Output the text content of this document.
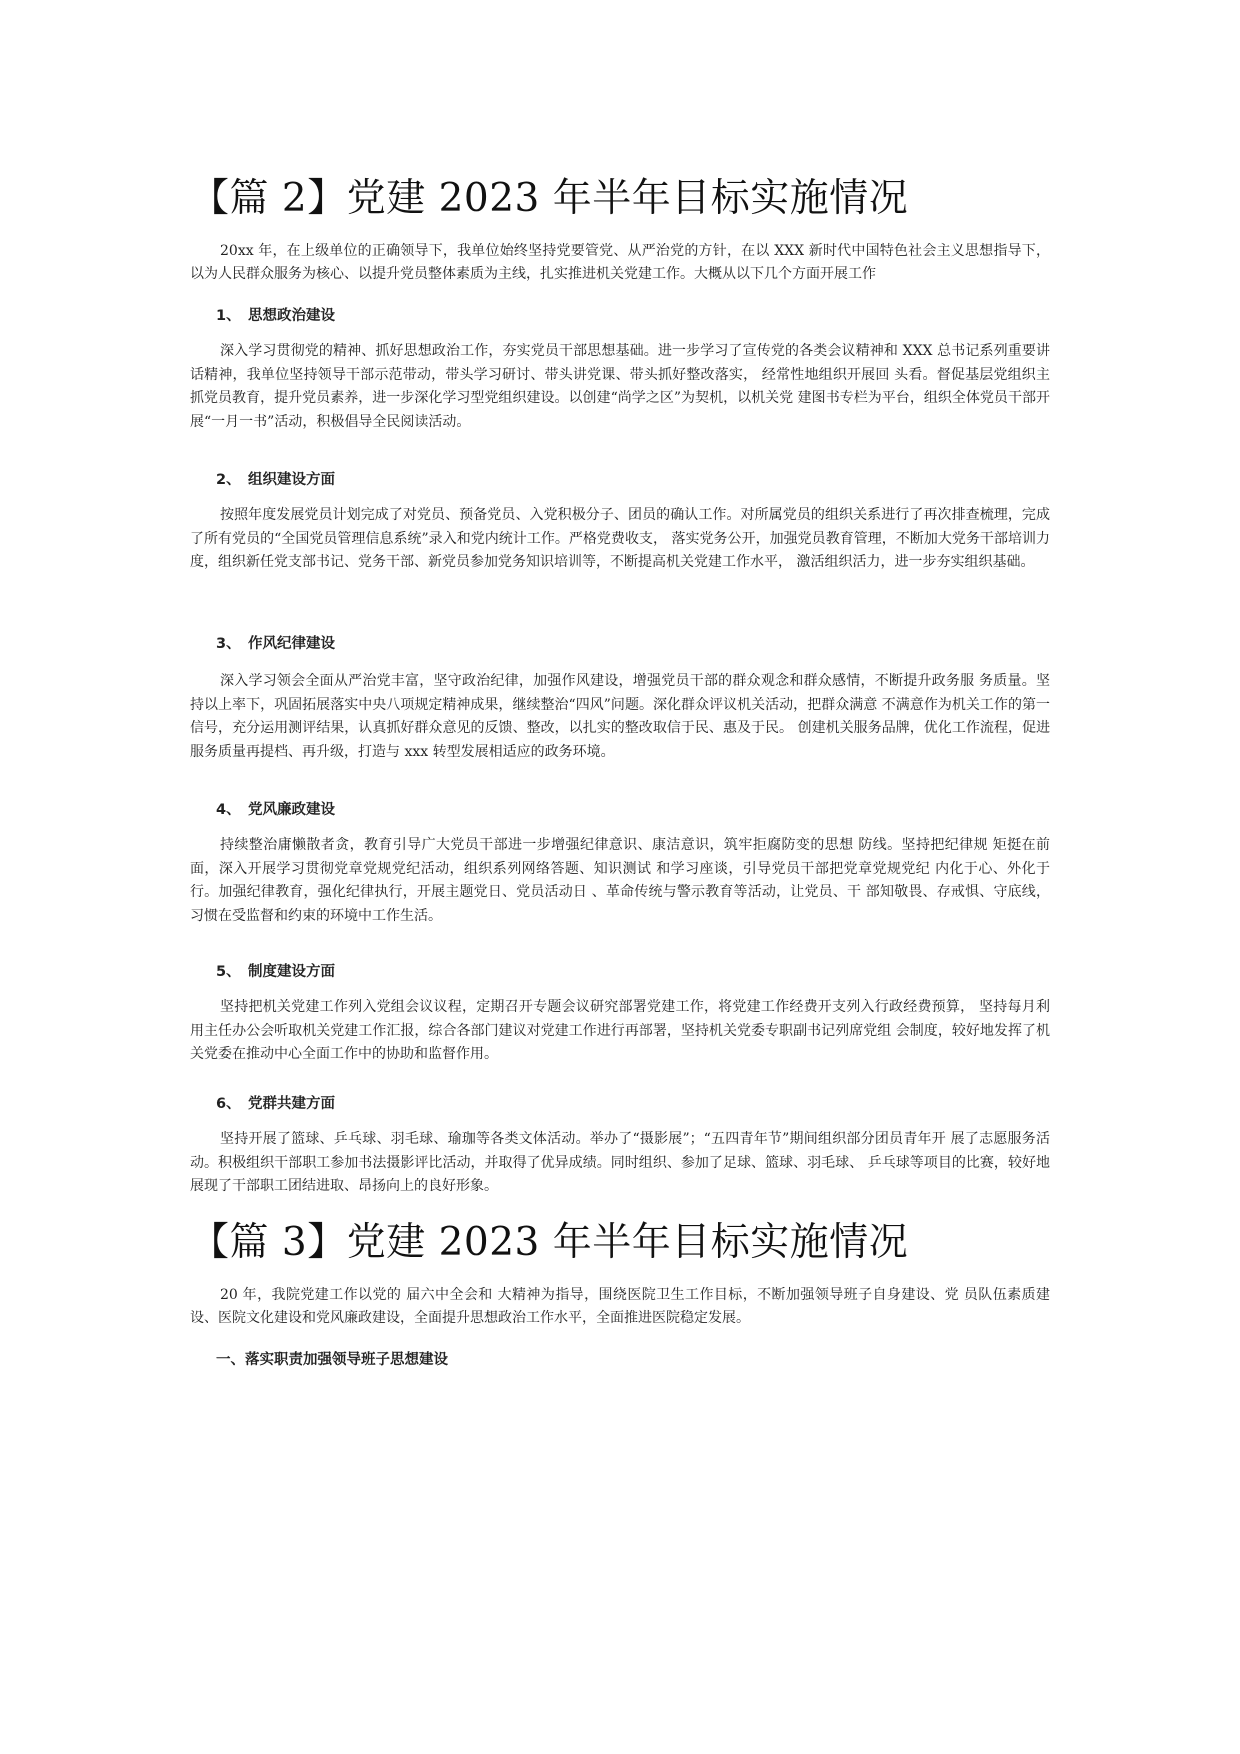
【篇 2】党建 2023 年半年目标实施情况

20xx 年，在上级单位的正确领导下，我单位始终坚持党要管党、从严治党的方针，在以 XXX 新时代中国特色社会主义思想指导下，以为人民群众服务为核心、以提升党员整体素质为主线，扎实推进机关党建工作。大概从以下几个方面开展工作

1、 思想政治建设

深入学习贯彻党的精神、抓好思想政治工作，夯实党员干部思想基础。进一步学习了宣传党的各类会议精神和 XXX 总书记系列重要讲话精神，我单位坚持领导干部示范带动，带头学习研讨、带头讲党课、带头抓好整改落实， 经常性地组织开展回 头看。督促基层党组织主抓党员教育，提升党员素养，进一步深化学习型党组织建设。以创建“尚学之区”为契机，以机关党 建图书专栏为平台，组织全体党员干部开展“一月一书”活动，积极倡导全民阅读活动。

2、 组织建设方面

按照年度发展党员计划完成了对党员、预备党员、入党积极分子、团员的确认工作。对所属党员的组织关系进行了再次排查梳理，完成了所有党员的“全国党员管理信息系统”录入和党内统计工作。严格党费收支， 落实党务公开，加强党员教育管理，不断加大党务干部培训力度，组织新任党支部书记、党务干部、新党员参加党务知识培训等，不断提高机关党建工作水平， 激活组织活力，进一步夯实组织基础。

3、 作风纪律建设

深入学习领会全面从严治党丰富，坚守政治纪律，加强作风建设，增强党员干部的群众观念和群众感情，不断提升政务服 务质量。坚持以上率下，巩固拓展落实中央八项规定精神成果，继续整治“四风”问题。深化群众评议机关活动，把群众满意 不满意作为机关工作的第一信号，充分运用测评结果，认真抓好群众意见的反馈、整改，以扎实的整改取信于民、惠及于民。 创建机关服务品牌，优化工作流程，促进服务质量再提档、再升级，打造与 xxx 转型发展相适应的政务环境。

4、 党风廉政建设

持续整治庸懒散者贪，教育引导广大党员干部进一步增强纪律意识、康洁意识，筑牢拒腐防变的思想 防线。坚持把纪律规 矩挺在前面，深入开展学习贯彻党章党规党纪活动，组织系列网络答题、知识测试 和学习座谈，引导党员干部把党章党规党纪 内化于心、外化于行。加强纪律教育，强化纪律执行，开展主题党日、党员活动日 、革命传统与警示教育等活动，让党员、干 部知敬畏、存戒惧、守底线，习惯在受监督和约束的环境中工作生活。

5、 制度建设方面

坚持把机关党建工作列入党组会议议程，定期召开专题会议研究部署党建工作，将党建工作经费开支列入行政经费预算， 坚持每月利用主任办公会听取机关党建工作汇报，综合各部门建议对党建工作进行再部署，坚持机关党委专职副书记列席党组 会制度，较好地发挥了机关党委在推动中心全面工作中的协助和监督作用。

6、 党群共建方面

坚持开展了篮球、乒乓球、羽毛球、瑜珈等各类文体活动。举办了“摄影展”；“五四青年节”期间组织部分团员青年开 展了志愿服务活动。积极组织干部职工参加书法摄影评比活动，并取得了优异成绩。同时组织、参加了足球、篮球、羽毛球、 乒乓球等项目的比赛，较好地展现了干部职工团结进取、昂扬向上的良好形象。

【篇 3】党建 2023 年半年目标实施情况

20 年，我院党建工作以党的 届六中全会和 大精神为指导，围绕医院卫生工作目标，不断加强领导班子自身建设、党 员队伍素质建设、医院文化建设和党风廉政建设，全面提升思想政治工作水平，全面推进医院稳定发展。

一、落实职责加强领导班子思想建设
